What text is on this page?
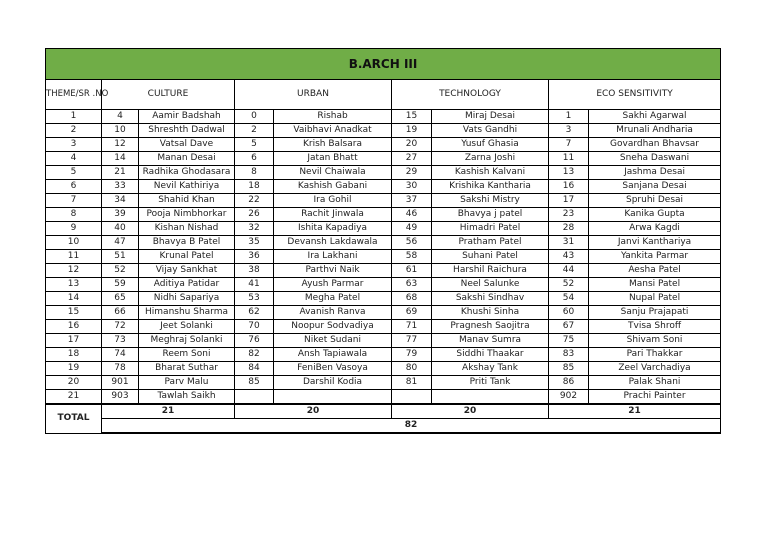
B.ARCH III								
THEME/SR .NO	CULTURE		URBAN		TECHNOLOGY		ECO SENSITIVITY	
1	4	Aamir Badshah	0	Rishab	15	Miraj Desai	1	Sakhi Agarwal
2	10	Shreshth Dadwal	2	Vaibhavi Anadkat	19	Vats Gandhi	3	Mrunali Andharia
3	12	Vatsal Dave	5	Krish Balsara	20	Yusuf Ghasia	7	Govardhan Bhavsar
4	14	Manan Desai	6	Jatan Bhatt	27	Zarna Joshi	11	Sneha Daswani
5	21	Radhika Ghodasara	8	Nevil Chaiwala	29	Kashish Kalvani	13	Jashma Desai
6	33	Nevil Kathiriya	18	Kashish Gabani	30	Krishika Kantharia	16	Sanjana Desai
7	34	Shahid Khan	22	Ira Gohil	37	Sakshi Mistry	17	Spruhi Desai
8	39	Pooja Nimbhorkar	26	Rachit Jinwala	46	Bhavya j patel	23	Kanika Gupta
9	40	Kishan Nishad	32	Ishita Kapadiya	49	Himadri Patel	28	Arwa Kagdi
10	47	Bhavya B Patel	35	Devansh Lakdawala	56	Pratham Patel	31	Janvi Kanthariya
11	51	Krunal Patel	36	Ira Lakhani	58	Suhani Patel	43	Yankita Parmar
12	52	Vijay Sankhat	38	Parthvi Naik	61	Harshil Raichura	44	Aesha Patel
13	59	Aditiya Patidar	41	Ayush Parmar	63	Neel Salunke	52	Mansi Patel
14	65	Nidhi Sapariya	53	Megha Patel	68	Sakshi Sindhav	54	Nupal Patel
15	66	Himanshu Sharma	62	Avanish Ranva	69	Khushi Sinha	60	Sanju Prajapati
16	72	Jeet Solanki	70	Noopur Sodvadiya	71	Pragnesh Saojitra	67	Tvisa Shroff
17	73	Meghraj Solanki	76	Niket Sudani	77	Manav Sumra	75	Shivam Soni
18	74	Reem Soni	82	Ansh Tapiawala	79	Siddhi Thaakar	83	Pari Thakkar
19	78	Bharat Suthar	84	FeniBen Vasoya	80	Akshay Tank	85	Zeel Varchadiya
20	901	Parv Malu	85	Darshil Kodia	81	Priti Tank	86	Palak Shani
21	903	Tawlah Saikh					902	Prachi Painter
TOTAL	21		20		20		21	
	82							
